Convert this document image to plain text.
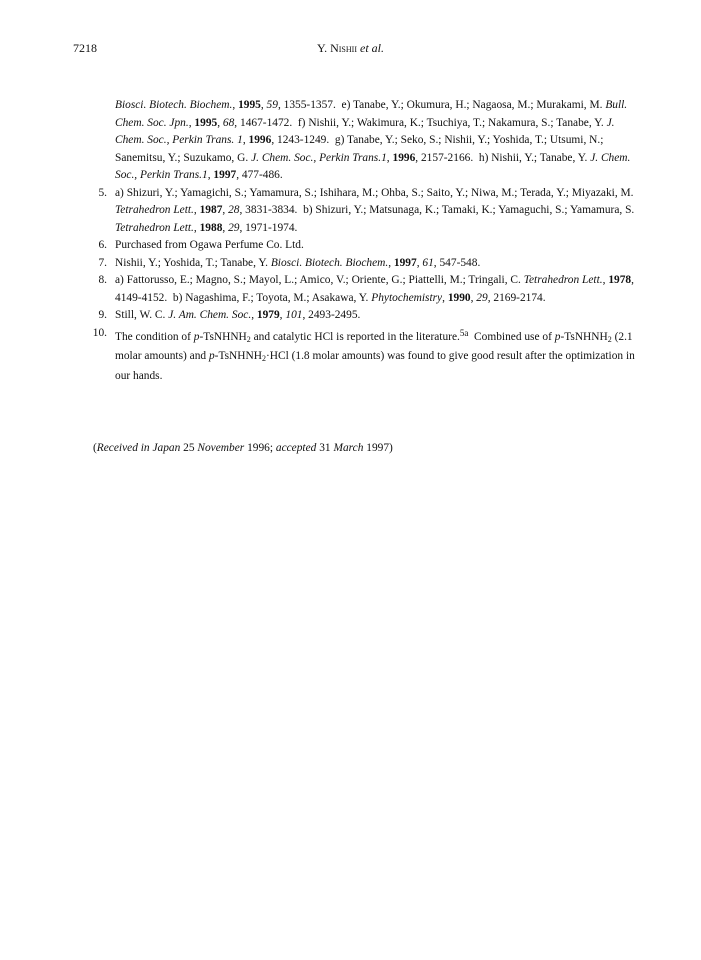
7218	Y. Nishii et al.
Biosci. Biotech. Biochem., 1995, 59, 1355-1357.  e) Tanabe, Y.; Okumura, H.; Nagaosa, M.; Murakami, M. Bull. Chem. Soc. Jpn., 1995, 68, 1467-1472.  f) Nishii, Y.; Wakimura, K.; Tsuchiya, T.; Nakamura, S.; Tanabe, Y. J. Chem. Soc., Perkin Trans. 1, 1996, 1243-1249.  g) Tanabe, Y.; Seko, S.; Nishii, Y.; Yoshida, T.; Utsumi, N.; Sanemitsu, Y.; Suzukamo, G. J. Chem. Soc., Perkin Trans.1, 1996, 2157-2166.  h) Nishii, Y.; Tanabe, Y. J. Chem. Soc., Perkin Trans.1, 1997, 477-486.
5. a) Shizuri, Y.; Yamagichi, S.; Yamamura, S.; Ishihara, M.; Ohba, S.; Saito, Y.; Niwa, M.; Terada, Y.; Miyazaki, M. Tetrahedron Lett., 1987, 28, 3831-3834.  b) Shizuri, Y.; Matsunaga, K.; Tamaki, K.; Yamaguchi, S.; Yamamura, S. Tetrahedron Lett., 1988, 29, 1971-1974.
6. Purchased from Ogawa Perfume Co. Ltd.
7. Nishii, Y.; Yoshida, T.; Tanabe, Y. Biosci. Biotech. Biochem., 1997, 61, 547-548.
8. a) Fattorusso, E.; Magno, S.; Mayol, L.; Amico, V.; Oriente, G.; Piattelli, M.; Tringali, C. Tetrahedron Lett., 1978, 4149-4152.  b) Nagashima, F.; Toyota, M.; Asakawa, Y. Phytochemistry, 1990, 29, 2169-2174.
9. Still, W. C. J. Am. Chem. Soc., 1979, 101, 2493-2495.
10. The condition of p-TsNHNH$_2$ and catalytic HCl is reported in the literature.$^{5a}$  Combined use of p-TsNHNH$_2$ (2.1 molar amounts) and p-TsNHNH$_2$·HCl (1.8 molar amounts) was found to give good result after the optimization in our hands.
(Received in Japan 25 November 1996; accepted 31 March 1997)
